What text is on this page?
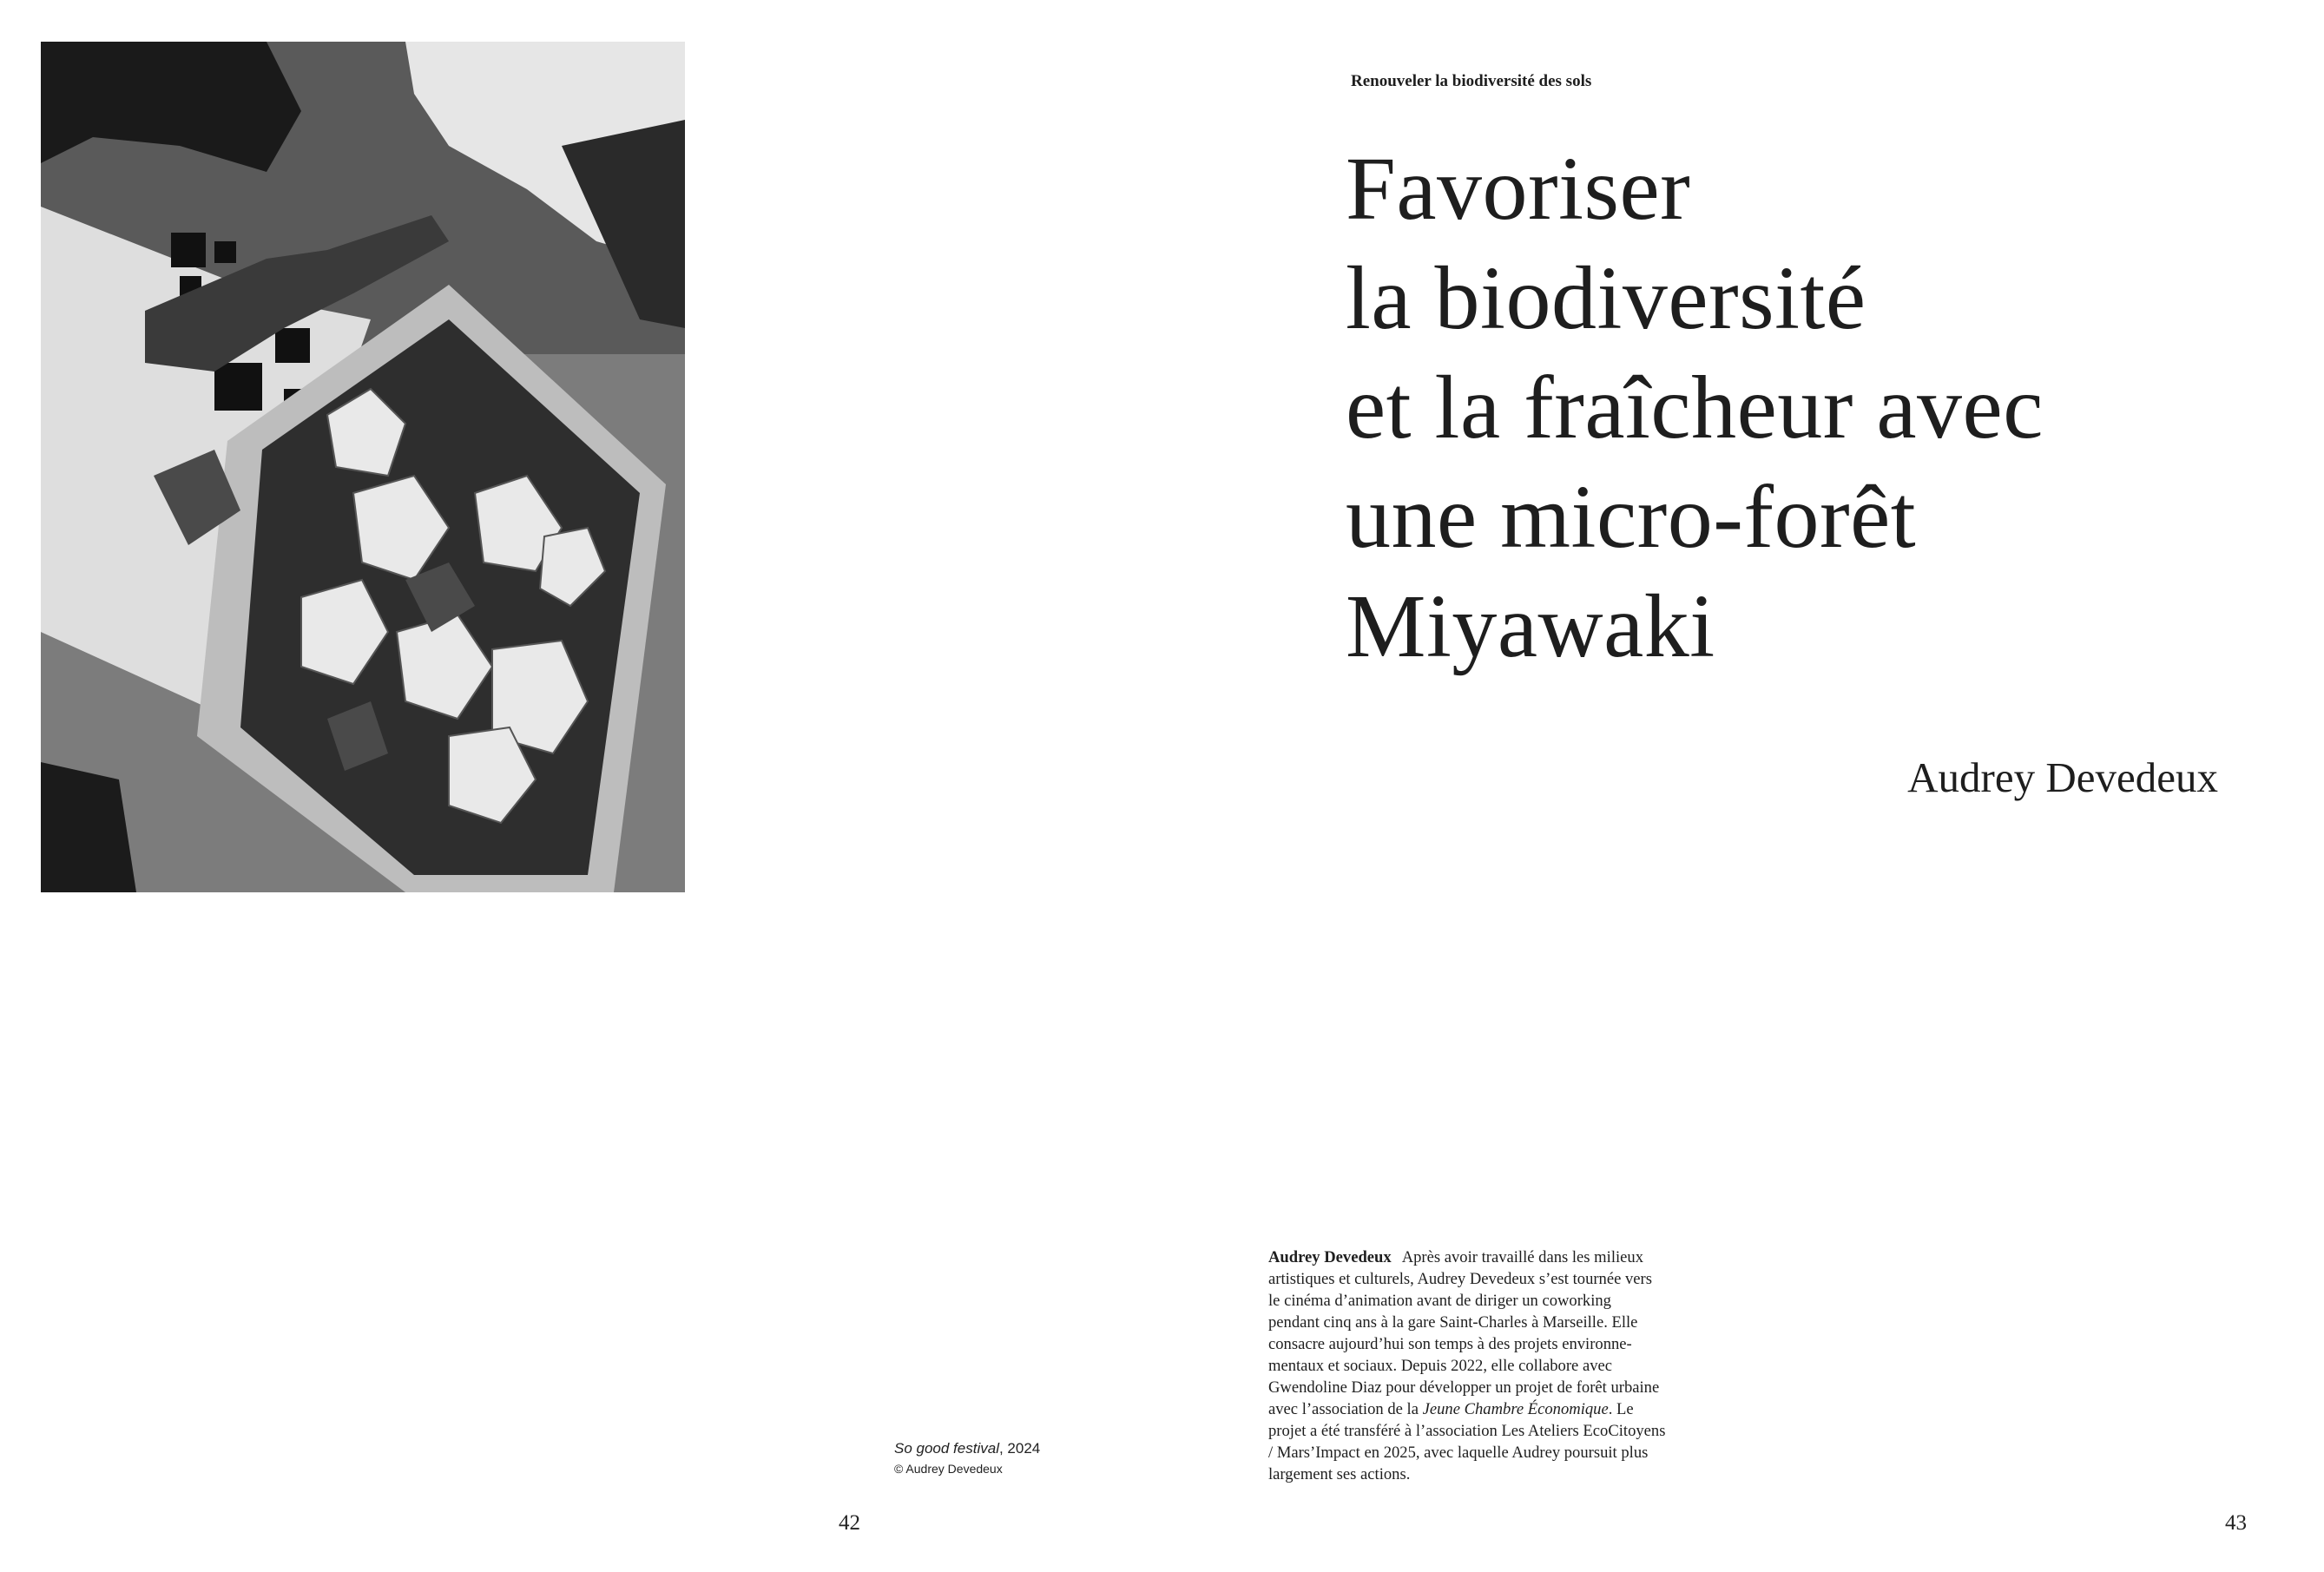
So good festival, 2024
© Audrey Devedeux
42
Renouveler la biodiversité des sols
Favoriser
la biodiversité
et la fraîcheur avec
une micro-forêt
Miyawaki
Audrey Devedeux
Audrey Devedeux Après avoir travaillé dans les milieux
artistiques et culturels, Audrey Devedeux s’est tournée vers
le cinéma d’animation avant de diriger un coworking
pendant cinq ans à la gare Saint-Charles à Marseille. Elle
consacre aujourd’hui son temps à des projets environne-
mentaux et sociaux. Depuis 2022, elle collabore avec
Gwendoline Diaz pour développer un projet de forêt urbaine
avec l’association de la Jeune Chambre Économique. Le
projet a été transféré à l’association Les Ateliers EcoCitoyens
/ Mars’Impact en 2025, avec laquelle Audrey poursuit plus
largement ses actions.
43
